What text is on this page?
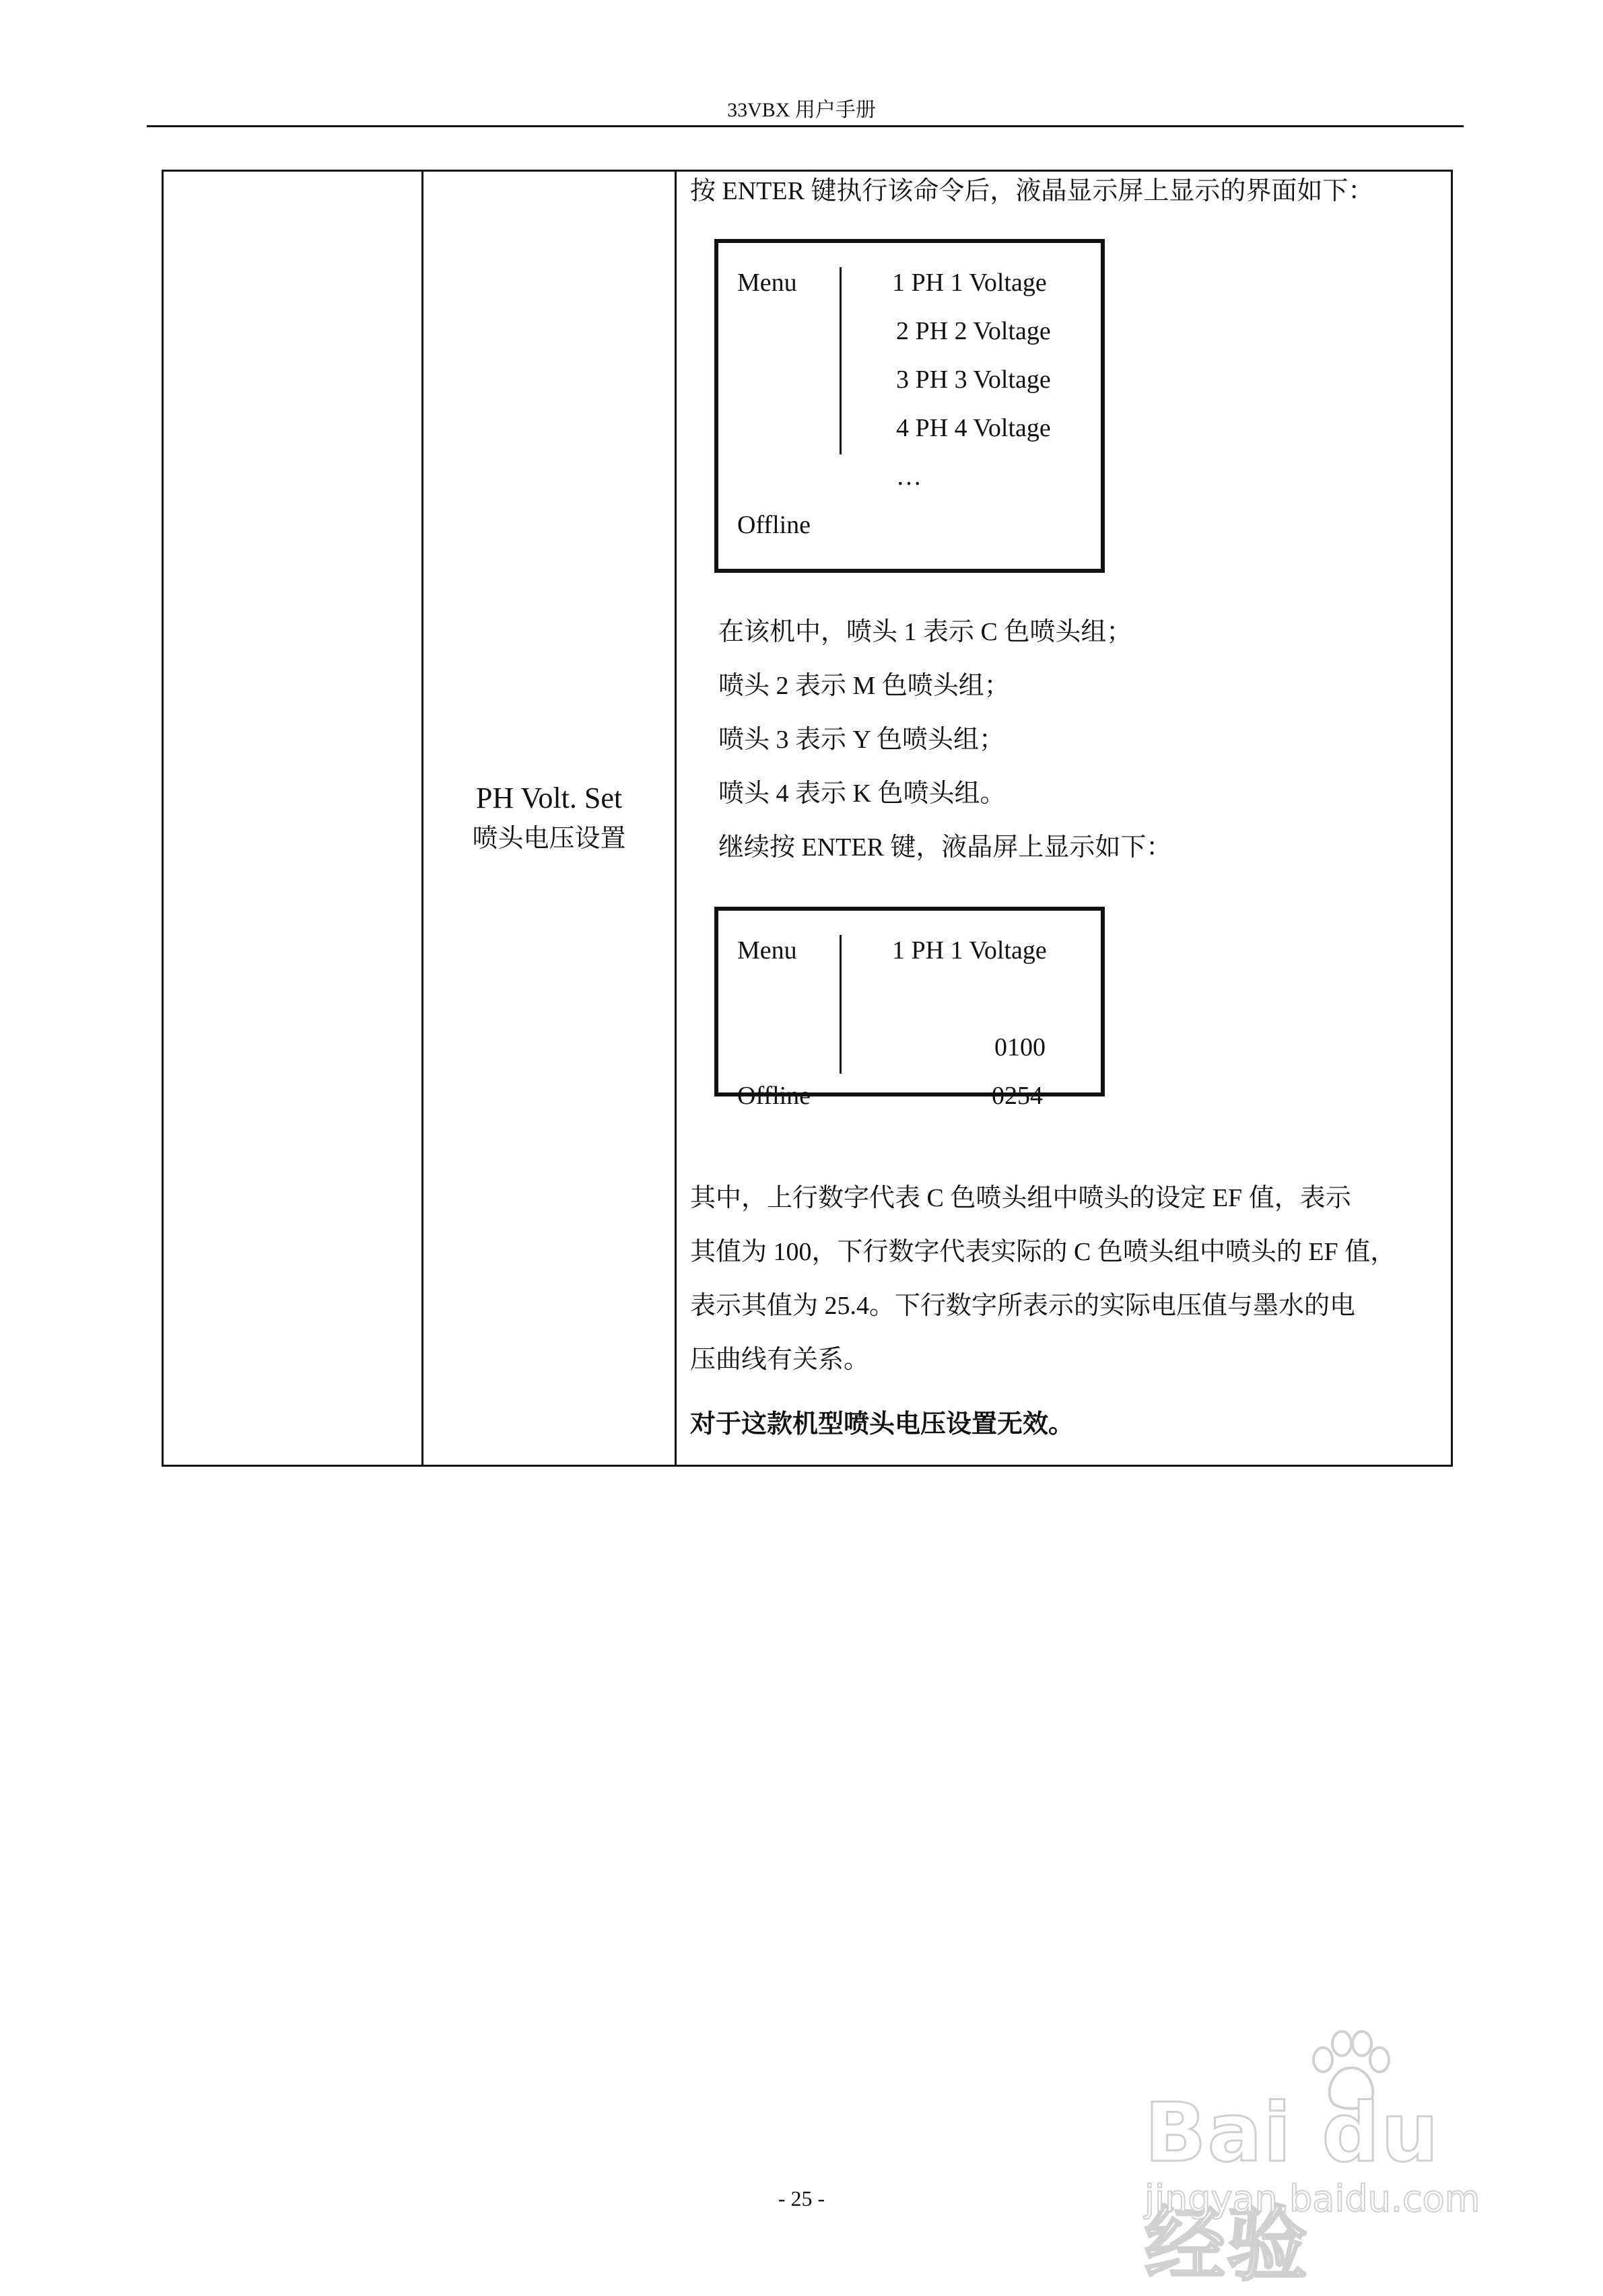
33VBX 用户手册

PH Volt. Set
喷头电压设置

按 ENTER 键执行该命令后，液晶显示屏上显示的界面如下：
Menu	1 PH 1 Voltage
2 PH 2 Voltage
3 PH 3 Voltage
4 PH 4 Voltage
…
Offline
在该机中，喷头 1 表示 C 色喷头组；
喷头 2 表示 M 色喷头组；
喷头 3 表示 Y 色喷头组；
喷头 4 表示 K 色喷头组。
继续按 ENTER 键，液晶屏上显示如下：
Menu	1 PH 1 Voltage
0100
Offline	0254
其中，上行数字代表 C 色喷头组中喷头的设定 EF 值，表示
其值为 100，下行数字代表实际的 C 色喷头组中喷头的 EF 值，
表示其值为 25.4。下行数字所表示的实际电压值与墨水的电
压曲线有关系。
对于这款机型喷头电压设置无效。
Bai du 经验
jingyan.baidu.com
- 25 -
